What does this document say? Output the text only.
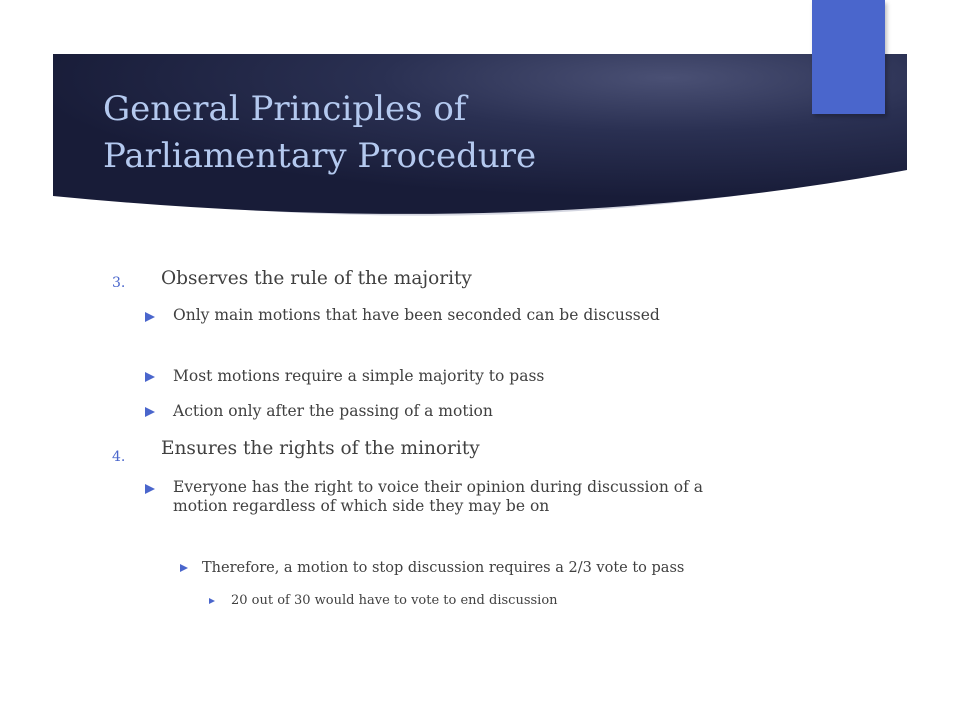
General Principles of
Parliamentary Procedure
3. Observes the rule of the majority
Only main motions that have been seconded can be discussed
Most motions require a simple majority to pass
Action only after the passing of a motion
4. Ensures the rights of the minority
Everyone has the right to voice their opinion during discussion of a motion regardless of which side they may be on
Therefore, a motion to stop discussion requires a 2/3 vote to pass
20 out of 30 would have to vote to end discussion
